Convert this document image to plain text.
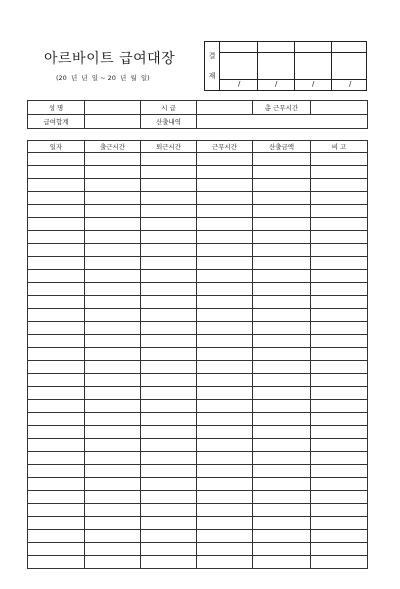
아르바이트 급여대장
(20  년  년  일 ~ 20  년  월  일)
결
재
/	/	/	/
성 명		시 급		총 근무시간	
급여합계		산출내역			
일자	출근시간	퇴근시간	근무시간	산출금액	비 고
